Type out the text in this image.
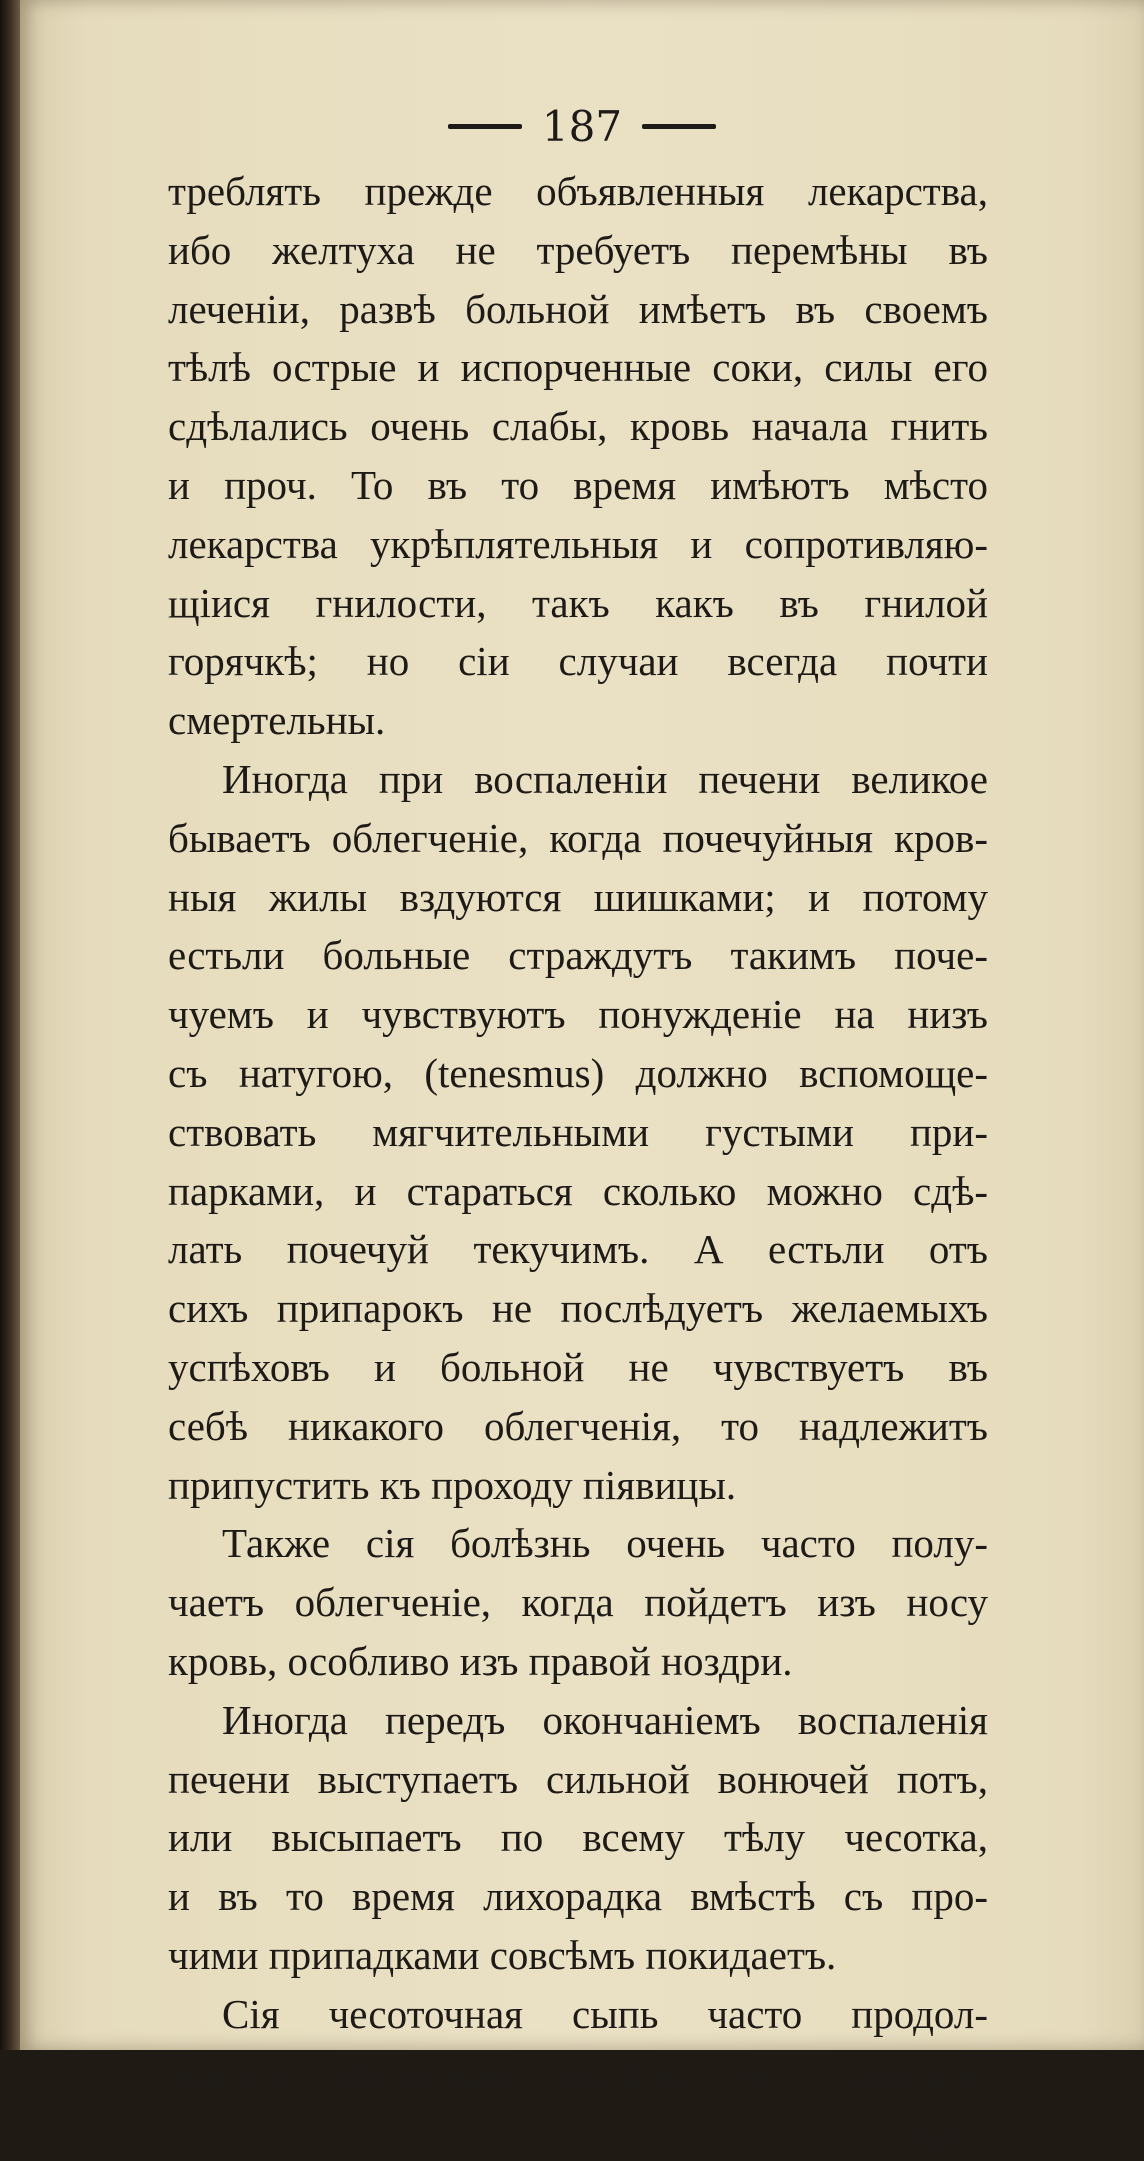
187
треблять прежде объявленныя лекарства,
ибо желтуха не требуетъ перемѣны въ
леченіи, развѣ больной имѣетъ въ своемъ
тѣлѣ острые и испорченные соки, силы его
сдѣлались очень слабы, кровь начала гнить
и проч. То въ то время имѣютъ мѣсто
лекарства укрѣплятельныя и сопротивляю-
щіися гнилости, такъ какъ въ гнилой
горячкѣ; но сіи случаи всегда почти
смертельны.
Иногда при воспаленіи печени великое
бываетъ облегченіе, когда почечуйныя кров-
ныя жилы вздуются шишками; и потому
естьли больные страждутъ такимъ поче-
чуемъ и чувствуютъ понужденіе на низъ
съ натугою, (tenesmus) должно вспомоще-
ствовать мягчительными густыми при-
парками, и стараться сколько можно сдѣ-
лать почечуй текучимъ. А естьли отъ
сихъ припарокъ не послѣдуетъ желаемыхъ
успѣховъ и больной не чувствуетъ въ
себѣ никакого облегченія, то надлежитъ
припустить къ проходу піявицы.
Также сія болѣзнь очень часто полу-
чаетъ облегченіе, когда пойдетъ изъ носу
кровь, особливо изъ правой ноздри.
Иногда передъ окончаніемъ воспаленія
печени выступаетъ сильной вонючей потъ,
или высыпаетъ по всему тѣлу чесотка,
и въ то время лихорадка вмѣстѣ съ про-
чими припадками совсѣмъ покидаетъ.
Сія чесоточная сыпь часто продол-
жается нѣсколько недѣль, но помощію
кро-
